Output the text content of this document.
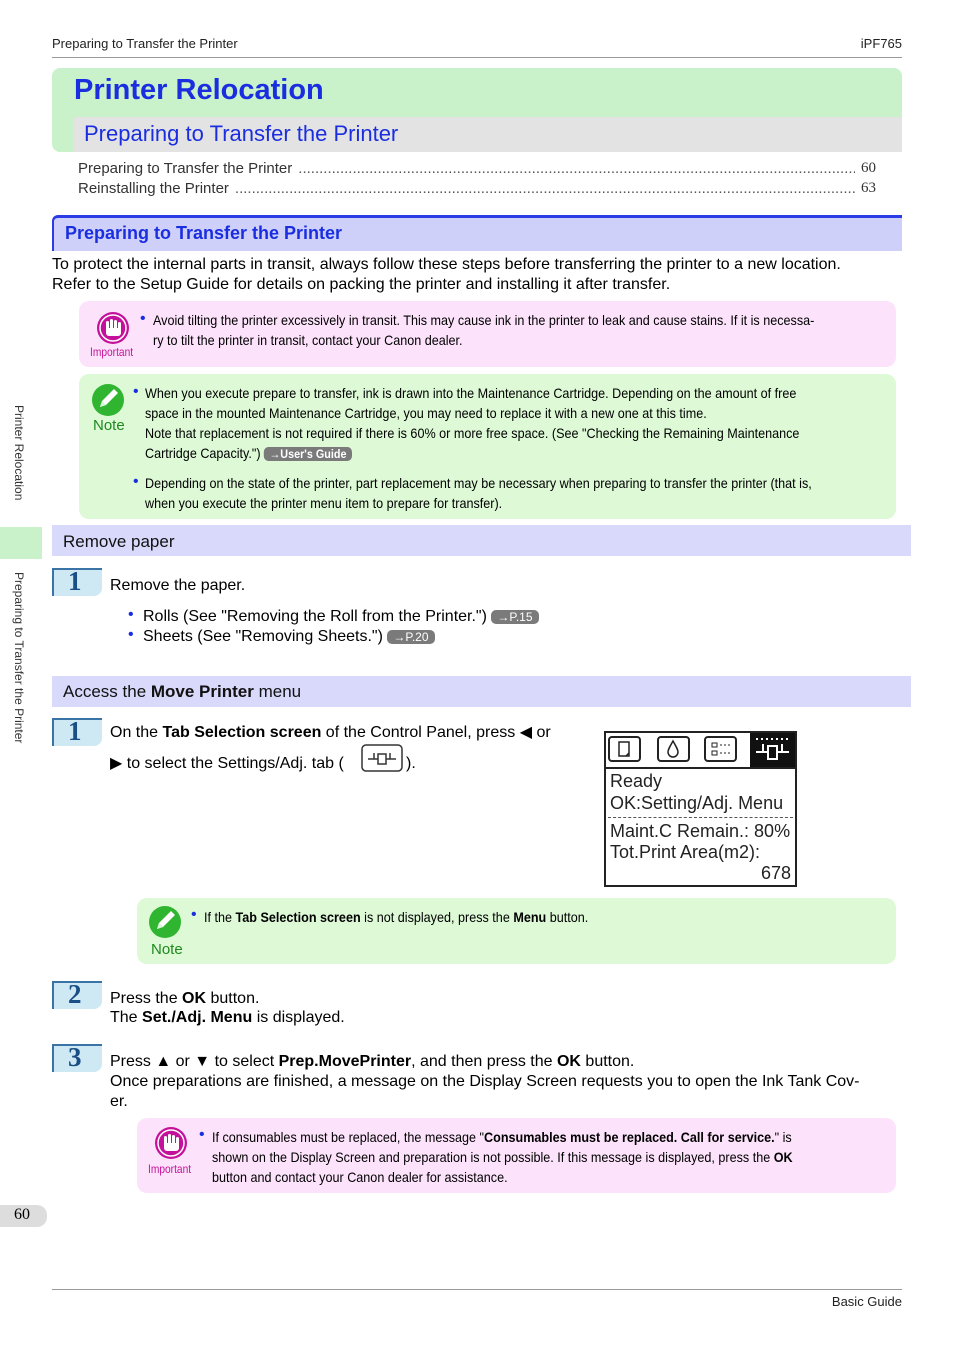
Preparing to Transfer the Printer	iPF765
Printer Relocation
Preparing to Transfer the Printer
Preparing to Transfer the Printer .....	60
Reinstalling the Printer .....	63
Preparing to Transfer the Printer
To protect the internal parts in transit, always follow these steps before transferring the printer to a new location.
Refer to the Setup Guide for details on packing the printer and installing it after transfer.
Important
• Avoid tilting the printer excessively in transit. This may cause ink in the printer to leak and cause stains. If it is necessa-
ry to tilt the printer in transit, contact your Canon dealer.
Note
• When you execute prepare to transfer, ink is drawn into the Maintenance Cartridge. Depending on the amount of free
space in the mounted Maintenance Cartridge, you may need to replace it with a new one at this time.
Note that replacement is not required if there is 60% or more free space. (See "Checking the Remaining Maintenance
Cartridge Capacity.") →User's Guide
• Depending on the state of the printer, part replacement may be necessary when preparing to transfer the printer (that is,
when you execute the printer menu item to prepare for transfer).
Remove paper
1 Remove the paper.
• Rolls (See "Removing the Roll from the Printer.") →P.15
• Sheets (See "Removing Sheets.") →P.20
Access the Move Printer menu
1 On the Tab Selection screen of the Control Panel, press ◀ or
▶ to select the Settings/Adj. tab (	).
Ready
OK:Setting/Adj. Menu
Maint.C Remain.: 80%
Tot.Print Area(m2):
678
Note
• If the Tab Selection screen is not displayed, press the Menu button.
2 Press the OK button.
The Set./Adj. Menu is displayed.
3 Press ▲ or ▼ to select Prep.MovePrinter, and then press the OK button.
Once preparations are finished, a message on the Display Screen requests you to open the Ink Tank Cov-
er.
Important
• If consumables must be replaced, the message "Consumables must be replaced. Call for service." is
shown on the Display Screen and preparation is not possible. If this message is displayed, press the OK
button and contact your Canon dealer for assistance.
Printer Relocation
Preparing to Transfer the Printer
60
Basic Guide
